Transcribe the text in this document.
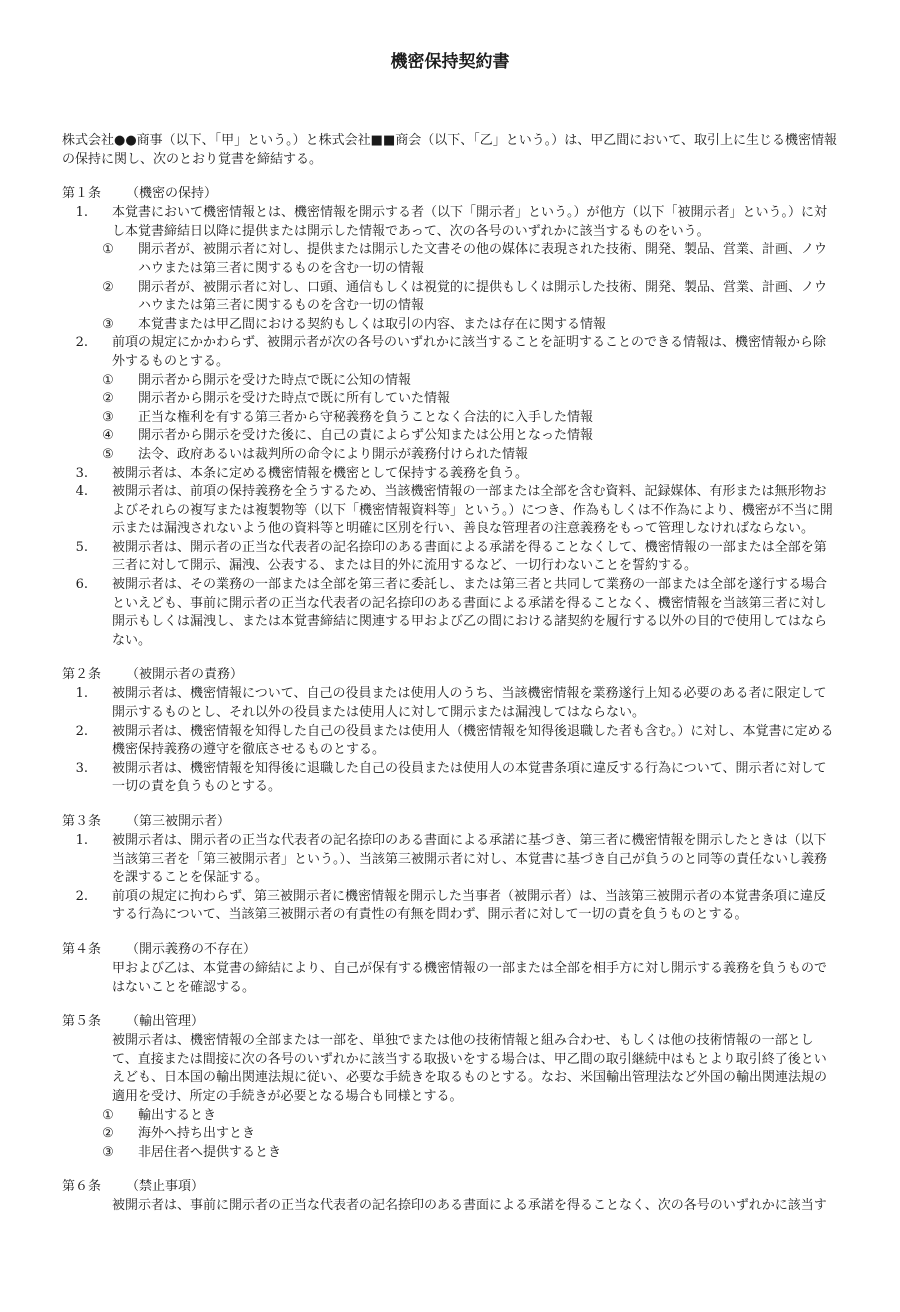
機密保持契約書
株式会社●●商事（以下、「甲」という。）と株式会社■■商会（以下、「乙」という。）は、甲乙間において、取引上に生じる機密情報の保持に関し、次のとおり覚書を締結する。
第１条	（機密の保持）
1.	本覚書において機密情報とは、機密情報を開示する者（以下「開示者」という。）が他方（以下「被開示者」という。）に対し本覚書締結日以降に提供または開示した情報であって、次の各号のいずれかに該当するものをいう。
①	開示者が、被開示者に対し、提供または開示した文書その他の媒体に表現された技術、開発、製品、営業、計画、ノウハウまたは第三者に関するものを含む一切の情報
②	開示者が、被開示者に対し、口頭、通信もしくは視覚的に提供もしくは開示した技術、開発、製品、営業、計画、ノウハウまたは第三者に関するものを含む一切の情報
③	本覚書または甲乙間における契約もしくは取引の内容、または存在に関する情報
2.	前項の規定にかかわらず、被開示者が次の各号のいずれかに該当することを証明することのできる情報は、機密情報から除外するものとする。
①	開示者から開示を受けた時点で既に公知の情報
②	開示者から開示を受けた時点で既に所有していた情報
③	正当な権利を有する第三者から守秘義務を負うことなく合法的に入手した情報
④	開示者から開示を受けた後に、自己の責によらず公知または公用となった情報
⑤	法令、政府あるいは裁判所の命令により開示が義務付けられた情報
3.	被開示者は、本条に定める機密情報を機密として保持する義務を負う。
4.	被開示者は、前項の保持義務を全うするため、当該機密情報の一部または全部を含む資料、記録媒体、有形または無形物およびそれらの複写または複製物等（以下「機密情報資料等」という。）につき、作為もしくは不作為により、機密が不当に開示または漏洩されないよう他の資料等と明確に区別を行い、善良な管理者の注意義務をもって管理しなければならない。
5.	被開示者は、開示者の正当な代表者の記名捺印のある書面による承諾を得ることなくして、機密情報の一部または全部を第三者に対して開示、漏洩、公表する、または目的外に流用するなど、一切行わないことを誓約する。
6.	被開示者は、その業務の一部または全部を第三者に委託し、または第三者と共同して業務の一部または全部を遂行する場合といえども、事前に開示者の正当な代表者の記名捺印のある書面による承諾を得ることなく、機密情報を当該第三者に対し開示もしくは漏洩し、または本覚書締結に関連する甲および乙の間における諸契約を履行する以外の目的で使用してはならない。
第２条	（被開示者の責務）
1.	被開示者は、機密情報について、自己の役員または使用人のうち、当該機密情報を業務遂行上知る必要のある者に限定して開示するものとし、それ以外の役員または使用人に対して開示または漏洩してはならない。
2.	被開示者は、機密情報を知得した自己の役員または使用人（機密情報を知得後退職した者も含む。）に対し、本覚書に定める機密保持義務の遵守を徹底させるものとする。
3.	被開示者は、機密情報を知得後に退職した自己の役員または使用人の本覚書条項に違反する行為について、開示者に対して一切の責を負うものとする。
第３条	（第三被開示者）
1.	被開示者は、開示者の正当な代表者の記名捺印のある書面による承諾に基づき、第三者に機密情報を開示したときは（以下当該第三者を「第三被開示者」という。）、当該第三被開示者に対し、本覚書に基づき自己が負うのと同等の責任ないし義務を課することを保証する。
2.	前項の規定に拘わらず、第三被開示者に機密情報を開示した当事者（被開示者）は、当該第三被開示者の本覚書条項に違反する行為について、当該第三被開示者の有責性の有無を問わず、開示者に対して一切の責を負うものとする。
第４条	（開示義務の不存在）
甲および乙は、本覚書の締結により、自己が保有する機密情報の一部または全部を相手方に対し開示する義務を負うものではないことを確認する。
第５条	（輸出管理）
被開示者は、機密情報の全部または一部を、単独でまたは他の技術情報と組み合わせ、もしくは他の技術情報の一部として、直接または間接に次の各号のいずれかに該当する取扱いをする場合は、甲乙間の取引継続中はもとより取引終了後といえども、日本国の輸出関連法規に従い、必要な手続きを取るものとする。なお、米国輸出管理法など外国の輸出関連法規の適用を受け、所定の手続きが必要となる場合も同様とする。
①	輸出するとき
②	海外へ持ち出すとき
③	非居住者へ提供するとき
第６条	（禁止事項）
被開示者は、事前に開示者の正当な代表者の記名捺印のある書面による承諾を得ることなく、次の各号のいずれかに該当す
